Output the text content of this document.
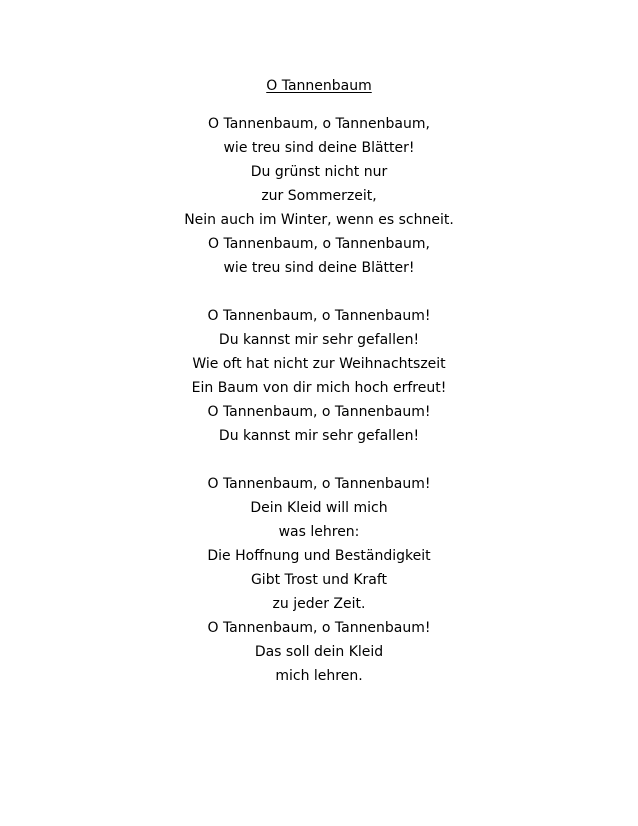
O Tannenbaum
O Tannenbaum, o Tannenbaum,
wie treu sind deine Blätter!
Du grünst nicht nur
zur Sommerzeit,
Nein auch im Winter, wenn es schneit.
O Tannenbaum, o Tannenbaum,
wie treu sind deine Blätter!
O Tannenbaum, o Tannenbaum!
Du kannst mir sehr gefallen!
Wie oft hat nicht zur Weihnachtszeit
Ein Baum von dir mich hoch erfreut!
O Tannenbaum, o Tannenbaum!
Du kannst mir sehr gefallen!
O Tannenbaum, o Tannenbaum!
Dein Kleid will mich
was lehren:
Die Hoffnung und Beständigkeit
Gibt Trost und Kraft
zu jeder Zeit.
O Tannenbaum, o Tannenbaum!
Das soll dein Kleid
mich lehren.
